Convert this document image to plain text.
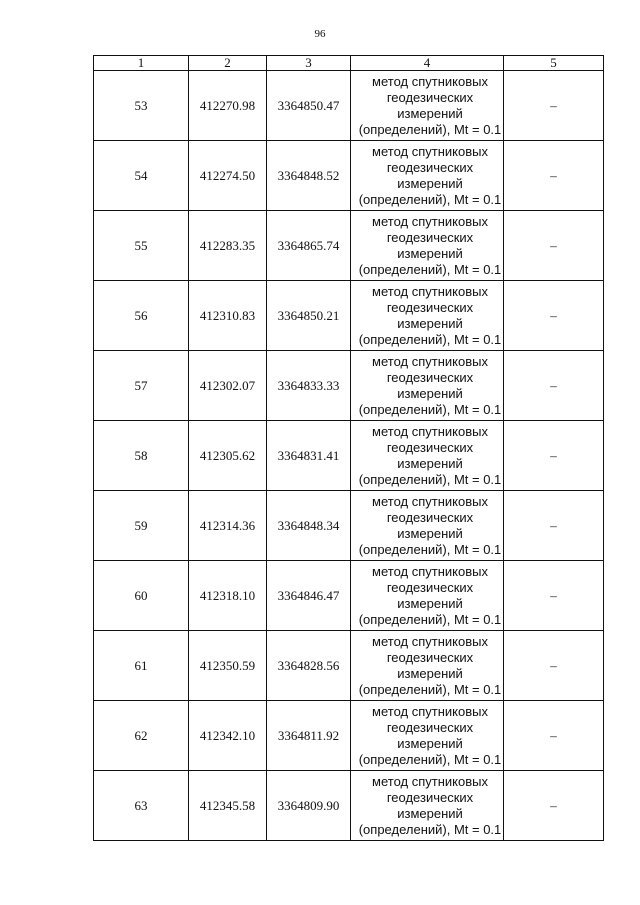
96
1	2	3	4	5
53	412270.98	3364850.47	метод спутниковых
геодезических
измерений
(определений), Mt = 0.1	–
54	412274.50	3364848.52	метод спутниковых
геодезических
измерений
(определений), Mt = 0.1	–
55	412283.35	3364865.74	метод спутниковых
геодезических
измерений
(определений), Mt = 0.1	–
56	412310.83	3364850.21	метод спутниковых
геодезических
измерений
(определений), Mt = 0.1	–
57	412302.07	3364833.33	метод спутниковых
геодезических
измерений
(определений), Mt = 0.1	–
58	412305.62	3364831.41	метод спутниковых
геодезических
измерений
(определений), Mt = 0.1	–
59	412314.36	3364848.34	метод спутниковых
геодезических
измерений
(определений), Mt = 0.1	–
60	412318.10	3364846.47	метод спутниковых
геодезических
измерений
(определений), Mt = 0.1	–
61	412350.59	3364828.56	метод спутниковых
геодезических
измерений
(определений), Mt = 0.1	–
62	412342.10	3364811.92	метод спутниковых
геодезических
измерений
(определений), Mt = 0.1	–
63	412345.58	3364809.90	метод спутниковых
геодезических
измерений
(определений), Mt = 0.1	–
